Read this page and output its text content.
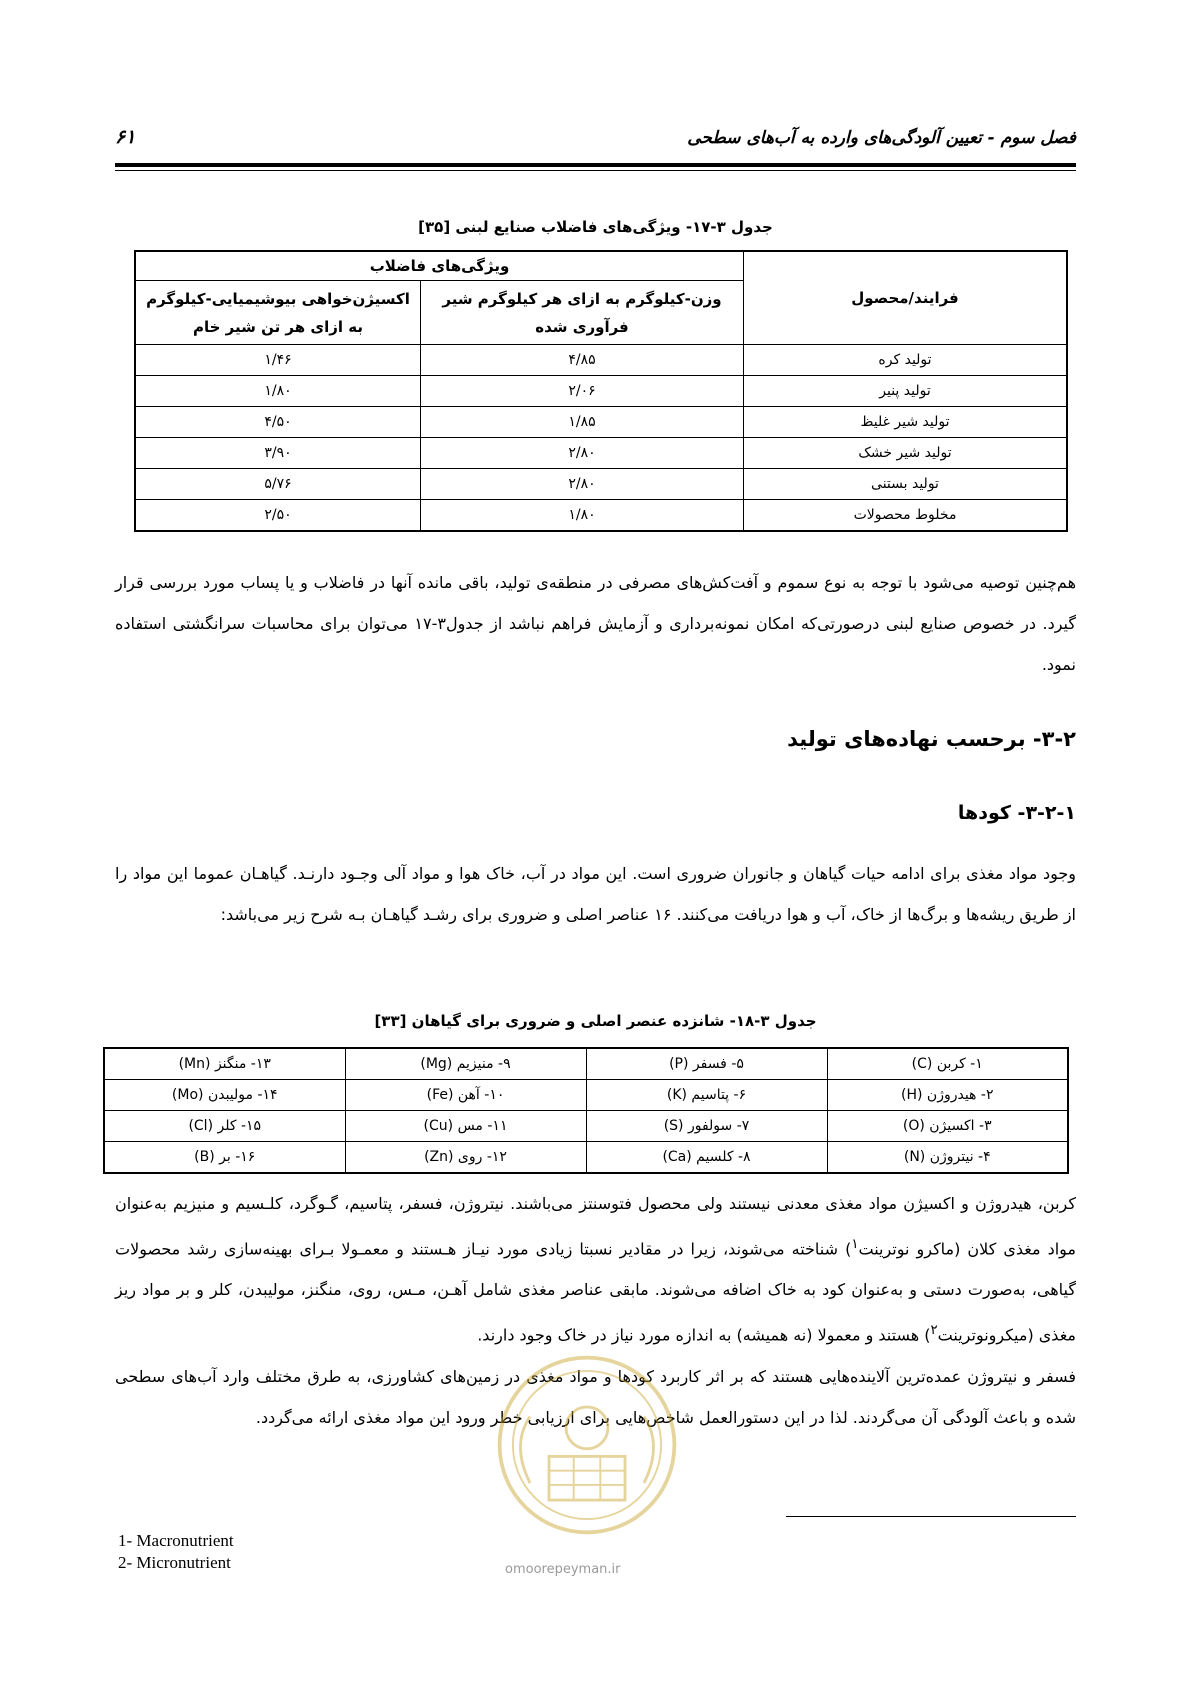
فصل سوم - تعیین آلودگی‌های وارده به آب‌های سطحی
۶۱
جدول ۳-۱۷- ویژگی‌های فاضلاب صنایع لبنی [۳۵]
فرایند/محصول	ویژگی‌های فاضلاب	
	وزن-کیلوگرم به ازای هر کیلوگرم شیر فرآوری شده	اکسیژن‌خواهی بیوشیمیایی-کیلوگرم به ازای هر تن شیر خام
تولید کره	۴/۸۵	۱/۴۶
تولید پنیر	۲/۰۶	۱/۸۰
تولید شیر غلیظ	۱/۸۵	۴/۵۰
تولید شیر خشک	۲/۸۰	۳/۹۰
تولید بستنی	۲/۸۰	۵/۷۶
مخلوط محصولات	۱/۸۰	۲/۵۰
هم‌چنین توصیه می‌شود با توجه به نوع سموم و آفت‌کش‌های مصرفی در منطقه‌ی تولید، باقی مانده آنها در فاضلاب و یا پساب مورد بررسی قرار گیرد. در خصوص صنایع لبنی درصورتی‌که امکان نمونه‌برداری و آزمایش فراهم نباشد از جدول۳-۱۷ می‌توان برای محاسبات سرانگشتی استفاده نمود.
۳-۲- برحسب نهاده‌های تولید
۳-۲-۱- کودها
وجود مواد مغذی برای ادامه حیات گیاهان و جانوران ضروری است. این مواد در آب، خاک هوا و مواد آلی وجـود دارنـد. گیاهـان عموما این مواد را از طریق ریشه‌ها و برگ‌ها از خاک، آب و هوا دریافت می‌کنند. ۱۶ عناصر اصلی و ضروری برای رشـد گیاهـان بـه شرح زیر می‌باشد:
جدول ۳-۱۸- شانزده عنصر اصلی و ضروری برای گیاهان [۳۳]
۱- کربن (C)	۵- فسفر (P)	۹- منیزیم (Mg)	۱۳- منگنز (Mn)
۲- هیدروژن (H)	۶- پتاسیم (K)	۱۰- آهن (Fe)	۱۴- مولیبدن (Mo)
۳- اکسیژن (O)	۷- سولفور (S)	۱۱- مس (Cu)	۱۵- کلر (Cl)
۴- نیتروژن (N)	۸- کلسیم (Ca)	۱۲- روی (Zn)	۱۶- بر (B)
کربن، هیدروژن و اکسیژن مواد مغذی معدنی نیستند ولی محصول فتوسنتز می‌باشند. نیتروژن، فسفر، پتاسیم، گـوگرد، کلـسیم و منیزیم به‌عنوان مواد مغذی کلان (ماکرو نوترینت$^۱$) شناخته می‌شوند، زیرا در مقادیر نسبتا زیادی مورد نیـاز هـستند و معمـولا بـرای بهینه‌سازی رشد محصولات گیاهی، به‌صورت دستی و به‌عنوان کود به خاک اضافه می‌شوند. مابقی عناصر مغذی شامل آهـن، مـس، روی، منگنز، مولیبدن، کلر و بر مواد ریز مغذی (میکرونوترینت$^۲$) هستند و معمولا (نه همیشه) به اندازه مورد نیاز در خاک وجود دارند.
فسفر و نیتروژن عمده‌ترین آلاینده‌هایی هستند که بر اثر کاربرد کودها و مواد مغذی در زمین‌های کشاورزی، به طرق مختلف وارد آب‌های سطحی شده و باعث آلودگی آن می‌گردند. لذا در این دستورالعمل شاخص‌هایی برای ارزیابی خطر ورود این مواد مغذی ارائه می‌گردد.
omoorepeyman.ir
1- Macronutrient
2- Micronutrient
